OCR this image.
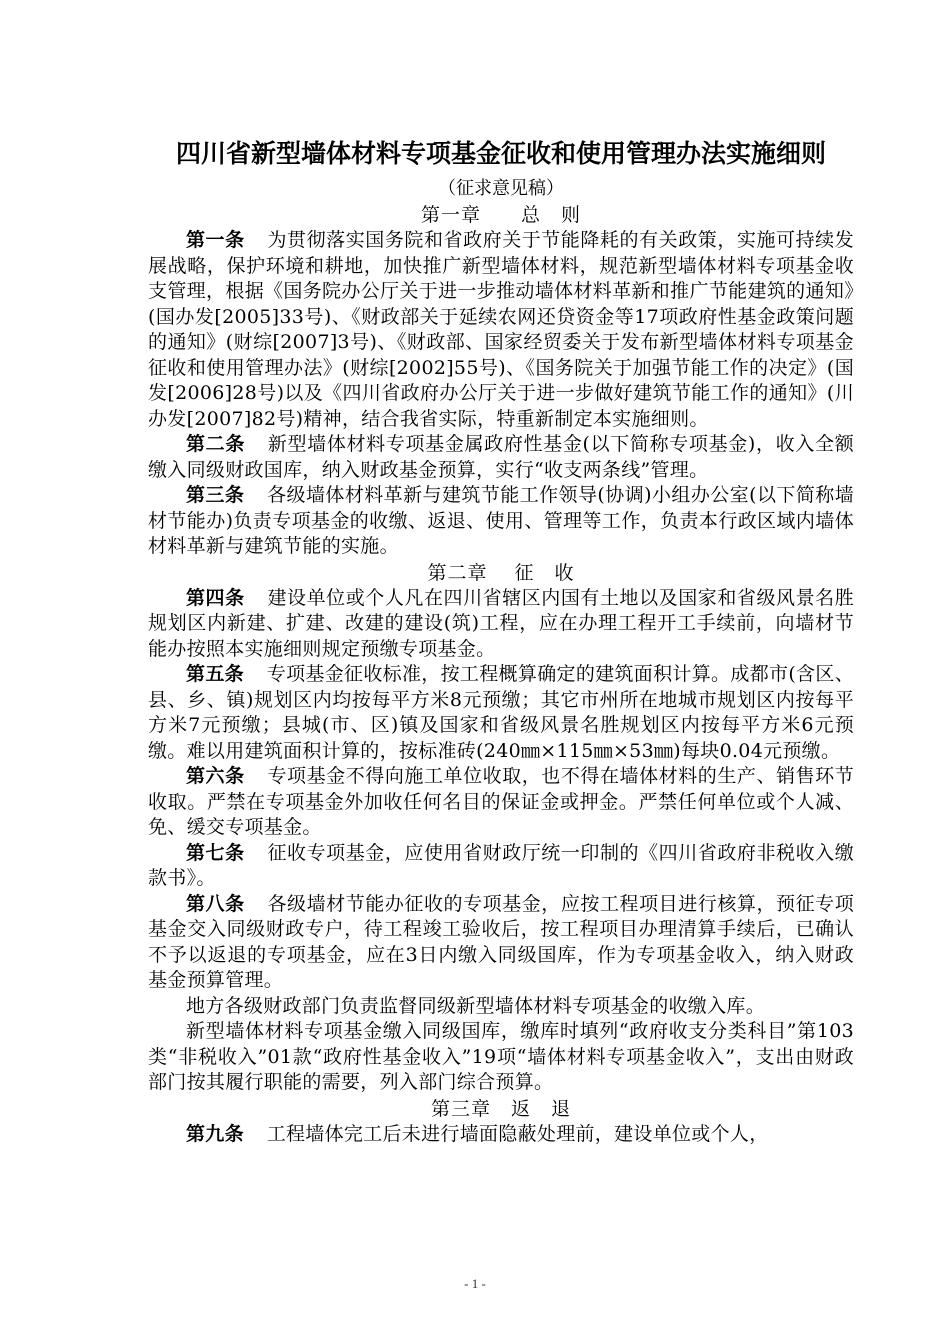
四川省新型墙体材料专项基金征收和使用管理办法实施细则

（征求意见稿）

第一章　　总　则

第一条 为贯彻落实国务院和省政府关于节能降耗的有关政策，实施可持续发展战略，保护环境和耕地，加快推广新型墙体材料，规范新型墙体材料专项基金收支管理，根据《国务院办公厅关于进一步推动墙体材料革新和推广节能建筑的通知》(国办发[2005]33号)、《财政部关于延续农网还贷资金等17项政府性基金政策问题的通知》(财综[2007]3号)、《财政部、国家经贸委关于发布新型墙体材料专项基金征收和使用管理办法》(财综[2002]55号)、《国务院关于加强节能工作的决定》(国发[2006]28号)以及《四川省政府办公厅关于进一步做好建筑节能工作的通知》(川办发[2007]82号)精神，结合我省实际，特重新制定本实施细则。

第二条 新型墙体材料专项基金属政府性基金(以下简称专项基金)，收入全额缴入同级财政国库，纳入财政基金预算，实行“收支两条线”管理。

第三条 各级墙体材料革新与建筑节能工作领导(协调)小组办公室(以下简称墙材节能办)负责专项基金的收缴、返退、使用、管理等工作，负责本行政区域内墙体材料革新与建筑节能的实施。

第二章　 征　收

第四条 建设单位或个人凡在四川省辖区内国有土地以及国家和省级风景名胜规划区内新建、扩建、改建的建设(筑)工程，应在办理工程开工手续前，向墙材节能办按照本实施细则规定预缴专项基金。

第五条 专项基金征收标准，按工程概算确定的建筑面积计算。成都市(含区、县、乡、镇)规划区内均按每平方米8元预缴；其它市州所在地城市规划区内按每平方米7元预缴；县城(市、区)镇及国家和省级风景名胜规划区内按每平方米6元预缴。难以用建筑面积计算的，按标准砖(240㎜×115㎜×53㎜)每块0.04元预缴。

第六条 专项基金不得向施工单位收取，也不得在墙体材料的生产、销售环节收取。严禁在专项基金外加收任何名目的保证金或押金。严禁任何单位或个人减、免、缓交专项基金。

第七条 征收专项基金，应使用省财政厅统一印制的《四川省政府非税收入缴款书》。

第八条 各级墙材节能办征收的专项基金，应按工程项目进行核算，预征专项基金交入同级财政专户，待工程竣工验收后，按工程项目办理清算手续后，已确认不予以返退的专项基金，应在3日内缴入同级国库，作为专项基金收入，纳入财政基金预算管理。

地方各级财政部门负责监督同级新型墙体材料专项基金的收缴入库。

新型墙体材料专项基金缴入同级国库，缴库时填列“政府收支分类科目”第103类“非税收入”01款“政府性基金收入”19项“墙体材料专项基金收入”，支出由财政部门按其履行职能的需要，列入部门综合预算。

第三章　返　退

第九条 工程墙体完工后未进行墙面隐蔽处理前，建设单位或个人，

- 1 -
